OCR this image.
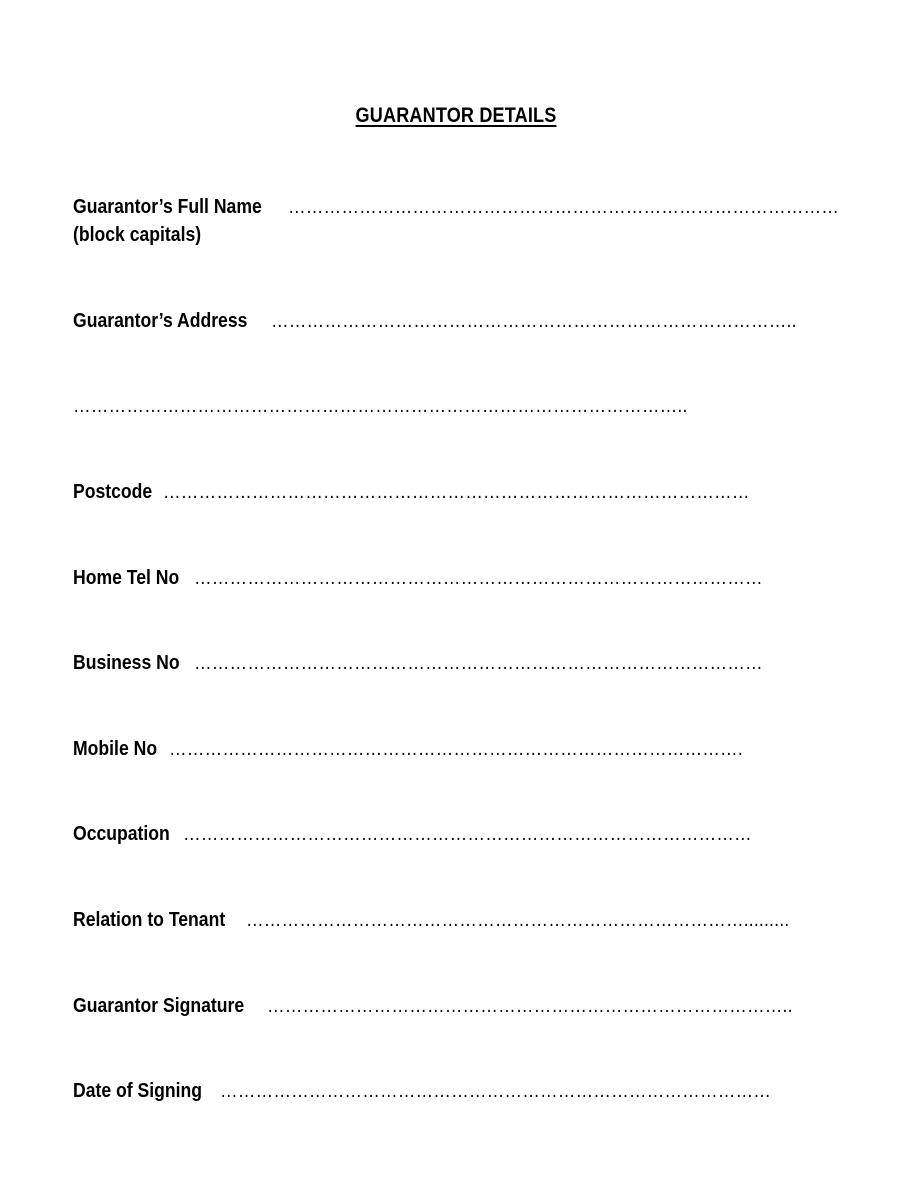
GUARANTOR DETAILS
Guarantor’s Full Name …………………………………………………………………………………
(block capitals)
Guarantor’s Address ……………………………………………………………………………..
…………………………………………………………………………………………..
Postcode ………………………………………………………………………………………
Home Tel No ……………………………………………………………………………………
Business No ……………………………………………………………………………………
Mobile No…………………………………………………………………………………….
Occupation……………………………………………………………………………………
Relation to Tenant ………………………………………………………………………….........
Guarantor Signature……………………………………………………………………………..
Date of Signing…………………………………………………………………………………
